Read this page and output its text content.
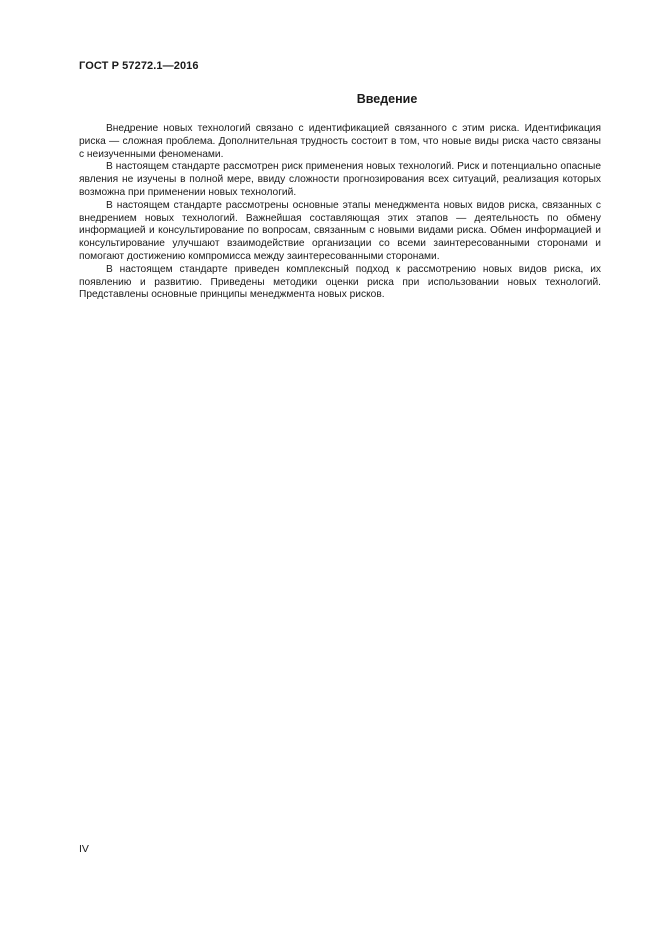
ГОСТ Р 57272.1—2016
Введение

Внедрение новых технологий связано с идентификацией связанного с этим риска. Идентификация риска — сложная проблема. Дополнительная трудность состоит в том, что новые виды риска часто связаны с неизученными феноменами.

В настоящем стандарте рассмотрен риск применения новых технологий. Риск и потенциально опасные явления не изучены в полной мере, ввиду сложности прогнозирования всех ситуаций, реализация которых возможна при применении новых технологий.

В настоящем стандарте рассмотрены основные этапы менеджмента новых видов риска, связанных с внедрением новых технологий. Важнейшая составляющая этих этапов — деятельность по обмену информацией и консультирование по вопросам, связанным с новыми видами риска. Обмен информацией и консультирование улучшают взаимодействие организации со всеми заинтересованными сторонами и помогают достижению компромисса между заинтересованными сторонами.

В настоящем стандарте приведен комплексный подход к рассмотрению новых видов риска, их появлению и развитию. Приведены методики оценки риска при использовании новых технологий. Представлены основные принципы менеджмента новых рисков.

IV
